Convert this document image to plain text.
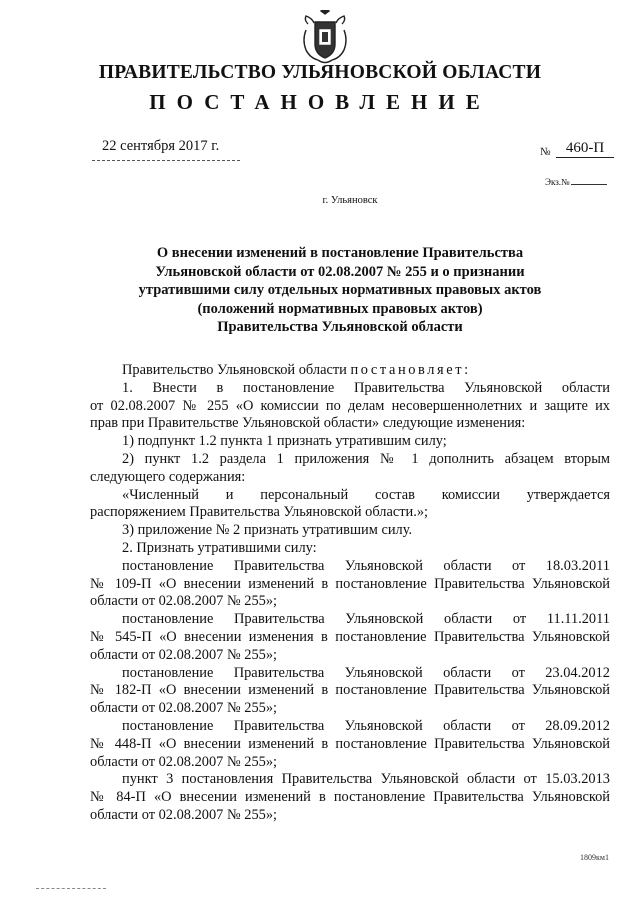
ПРАВИТЕЛЬСТВО УЛЬЯНОВСКОЙ ОБЛАСТИ
ПОСТАНОВЛЕНИЕ
22 сентября 2017 г.	№	460-П
Экз.№
г. Ульяновск
О внесении изменений в постановление Правительства
Ульяновской области от 02.08.2007 № 255 и о признании
утратившими силу отдельных нормативных правовых актов
(положений нормативных правовых актов)
Правительства Ульяновской области
Правительство Ульяновской области постановляет:
1. Внести в постановление Правительства Ульяновской области
от 02.08.2007 № 255 «О комиссии по делам несовершеннолетних и защите их
прав при Правительстве Ульяновской области» следующие изменения:
1) подпункт 1.2 пункта 1 признать утратившим силу;
2) пункт 1.2 раздела 1 приложения № 1 дополнить абзацем вторым
следующего содержания:
«Численный и персональный состав комиссии утверждается
распоряжением Правительства Ульяновской области.»;
3) приложение № 2 признать утратившим силу.
2. Признать утратившими силу:
постановление Правительства Ульяновской области от 18.03.2011
№ 109-П «О внесении изменений в постановление Правительства Ульяновской
области от 02.08.2007 № 255»;
постановление Правительства Ульяновской области от 11.11.2011
№ 545-П «О внесении изменения в постановление Правительства Ульяновской
области от 02.08.2007 № 255»;
постановление Правительства Ульяновской области от 23.04.2012
№ 182-П «О внесении изменений в постановление Правительства Ульяновской
области от 02.08.2007 № 255»;
постановление Правительства Ульяновской области от 28.09.2012
№ 448-П «О внесении изменений в постановление Правительства Ульяновской
области от 02.08.2007 № 255»;
пункт 3 постановления Правительства Ульяновской области от 15.03.2013
№ 84-П «О внесении изменений в постановление Правительства Ульяновской
области от 02.08.2007 № 255»;
1809км1
